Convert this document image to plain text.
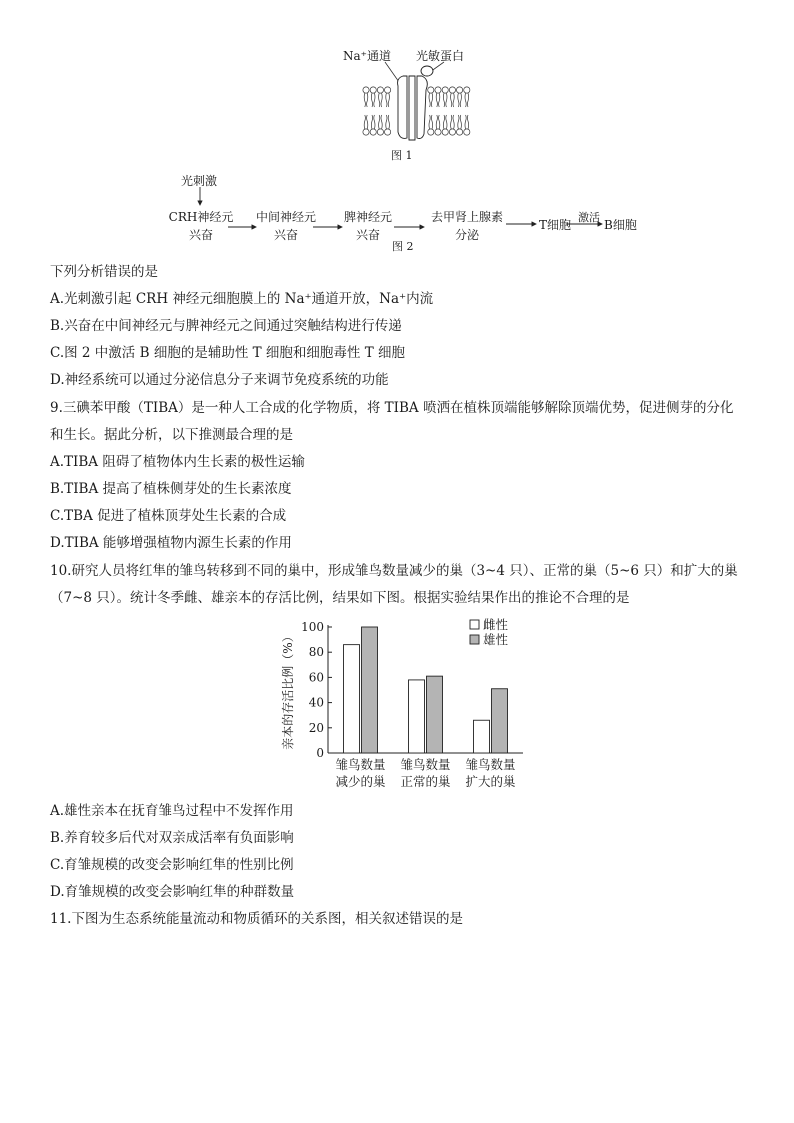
Na⁺通道 光敏蛋白
图 1
光刺激
CRH神经元
兴奋
中间神经元
兴奋
脾神经元
兴奋
去甲肾上腺素
分泌
T细胞
激活
B细胞
图 2
下列分析错误的是
A.光刺激引起 CRH 神经元细胞膜上的 Na⁺通道开放，Na⁺内流
B.兴奋在中间神经元与脾神经元之间通过突触结构进行传递
C.图 2 中激活 B 细胞的是辅助性 T 细胞和细胞毒性 T 细胞
D.神经系统可以通过分泌信息分子来调节免疫系统的功能
9.三碘苯甲酸（TIBA）是一种人工合成的化学物质，将 TIBA 喷洒在植株顶端能够解除顶端优势，促进侧芽的分化
和生长。据此分析，以下推测最合理的是
A.TIBA 阻碍了植物体内生长素的极性运输
B.TIBA 提高了植株侧芽处的生长素浓度
C.TBA 促进了植株顶芽处生长素的合成
D.TIBA 能够增强植物内源生长素的作用
10.研究人员将红隼的雏鸟转移到不同的巢中，形成雏鸟数量减少的巢（3~4 只）、正常的巢（5~6 只）和扩大的巢
（7~8 只）。统计冬季雌、雄亲本的存活比例，结果如下图。根据实验结果作出的推论不合理的是
0
20
40
60
80
100
亲本的存活比例（%）
雏鸟数量
减少的巢
雏鸟数量
正常的巢
雏鸟数量
扩大的巢
雌性
雄性
A.雄性亲本在抚育雏鸟过程中不发挥作用
B.养育较多后代对双亲成活率有负面影响
C.育雏规模的改变会影响红隼的性别比例
D.育雏规模的改变会影响红隼的种群数量
11.下图为生态系统能量流动和物质循环的关系图，相关叙述错误的是
